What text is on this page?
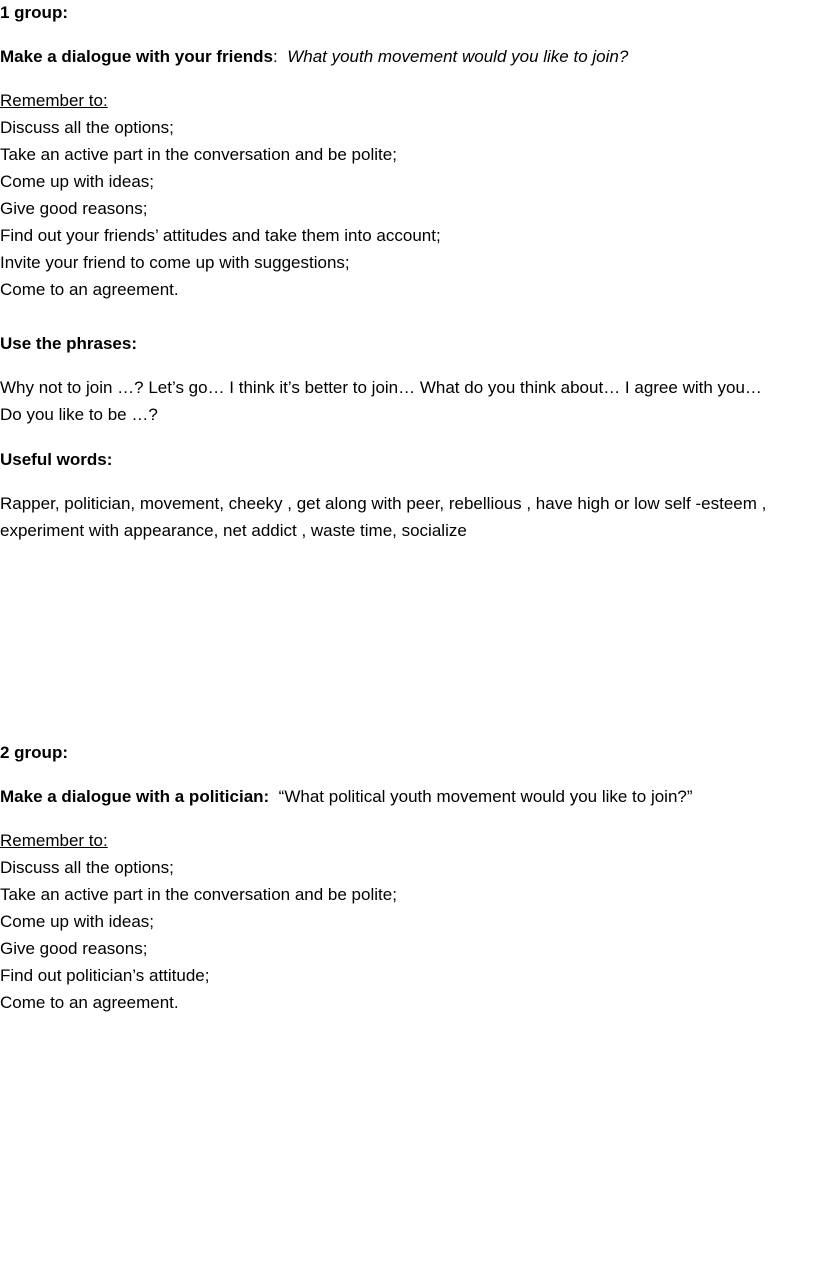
1 group:
Make a dialogue with your friends: What youth movement would you like to join?
Remember to:
Discuss all the options;
Take an active part in the conversation and be polite;
Come up with ideas;
Give good reasons;
Find out your friends’ attitudes and take them into account;
Invite your friend to come up with suggestions;
Come to an agreement.
Use the phrases:
Why not to join …? Let’s go… I think it’s better to join… What do you think about… I agree with you…
Do you like to be …?
Useful words:
Rapper, politician, movement, cheeky , get along with peer, rebellious , have high or low self -esteem ,
experiment with appearance, net addict , waste time, socialize
2 group:
Make a dialogue with a politician: “What political youth movement would you like to join?”
Remember to:
Discuss all the options;
Take an active part in the conversation and be polite;
Come up with ideas;
Give good reasons;
Find out politician’s attitude;
Come to an agreement.
